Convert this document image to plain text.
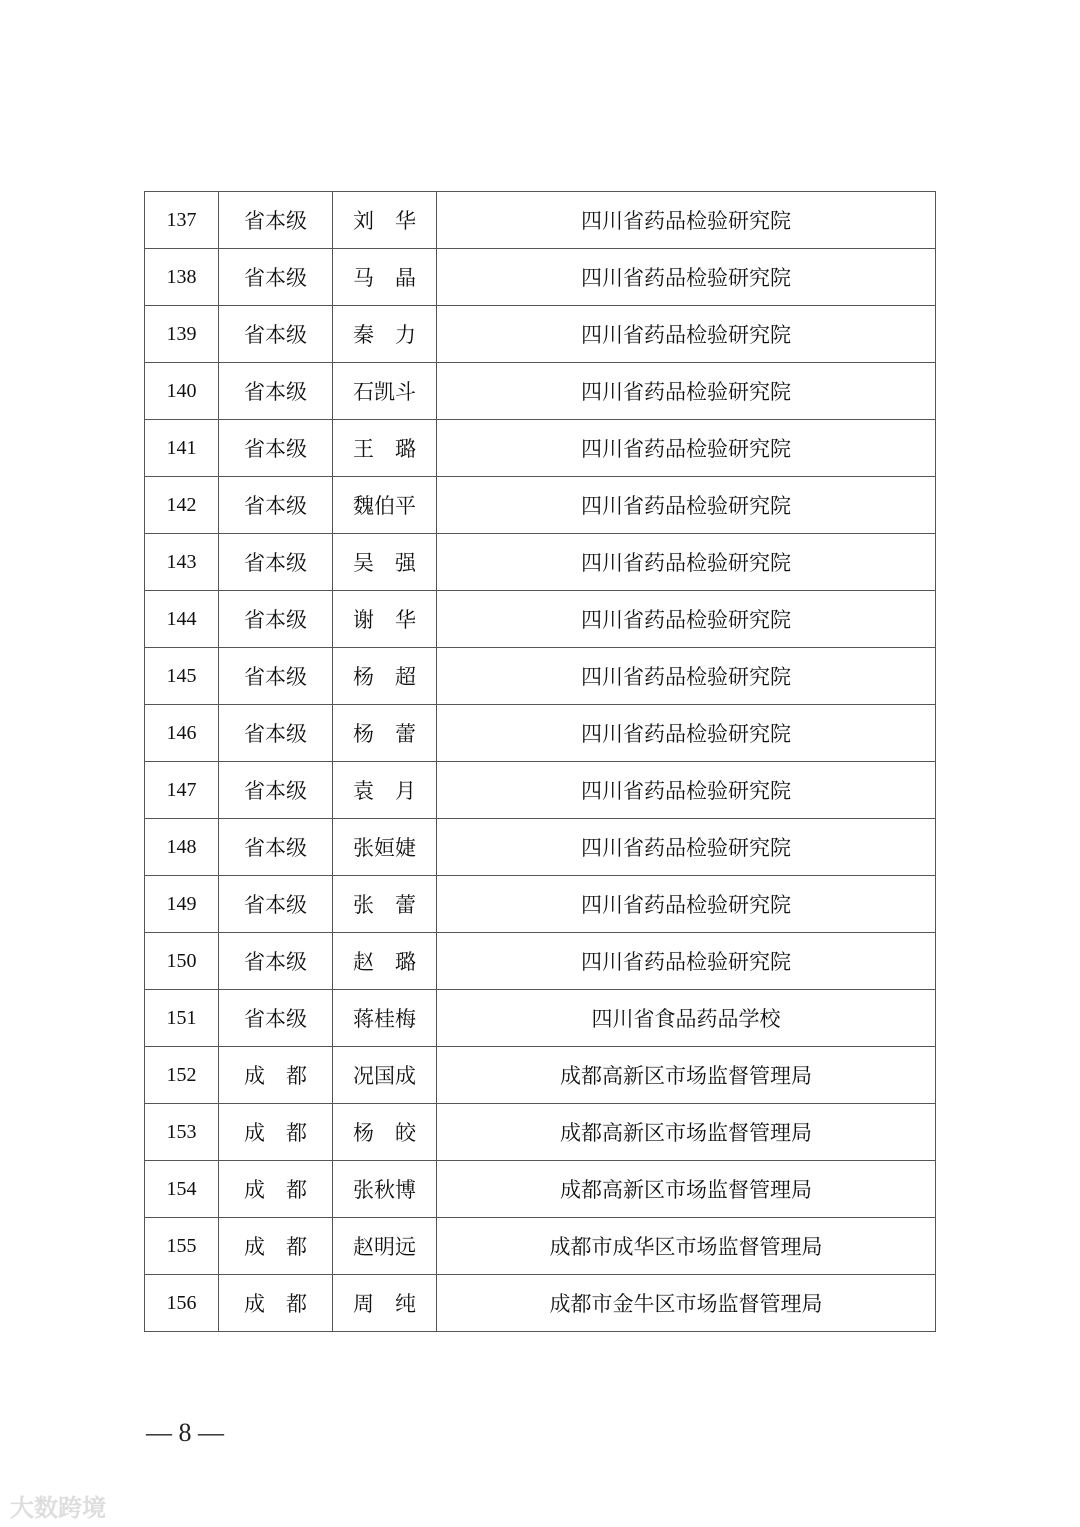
137	省本级	刘　华	四川省药品检验研究院
138	省本级	马　晶	四川省药品检验研究院
139	省本级	秦　力	四川省药品检验研究院
140	省本级	石凯斗	四川省药品检验研究院
141	省本级	王　璐	四川省药品检验研究院
142	省本级	魏伯平	四川省药品检验研究院
143	省本级	吴　强	四川省药品检验研究院
144	省本级	谢　华	四川省药品检验研究院
145	省本级	杨　超	四川省药品检验研究院
146	省本级	杨　蕾	四川省药品检验研究院
147	省本级	袁　月	四川省药品检验研究院
148	省本级	张姮婕	四川省药品检验研究院
149	省本级	张　蕾	四川省药品检验研究院
150	省本级	赵　璐	四川省药品检验研究院
151	省本级	蒋桂梅	四川省食品药品学校
152	成　都	况国成	成都高新区市场监督管理局
153	成　都	杨　皎	成都高新区市场监督管理局
154	成　都	张秋博	成都高新区市场监督管理局
155	成　都	赵明远	成都市成华区市场监督管理局
156	成　都	周　纯	成都市金牛区市场监督管理局
— 8 —
大数跨境
